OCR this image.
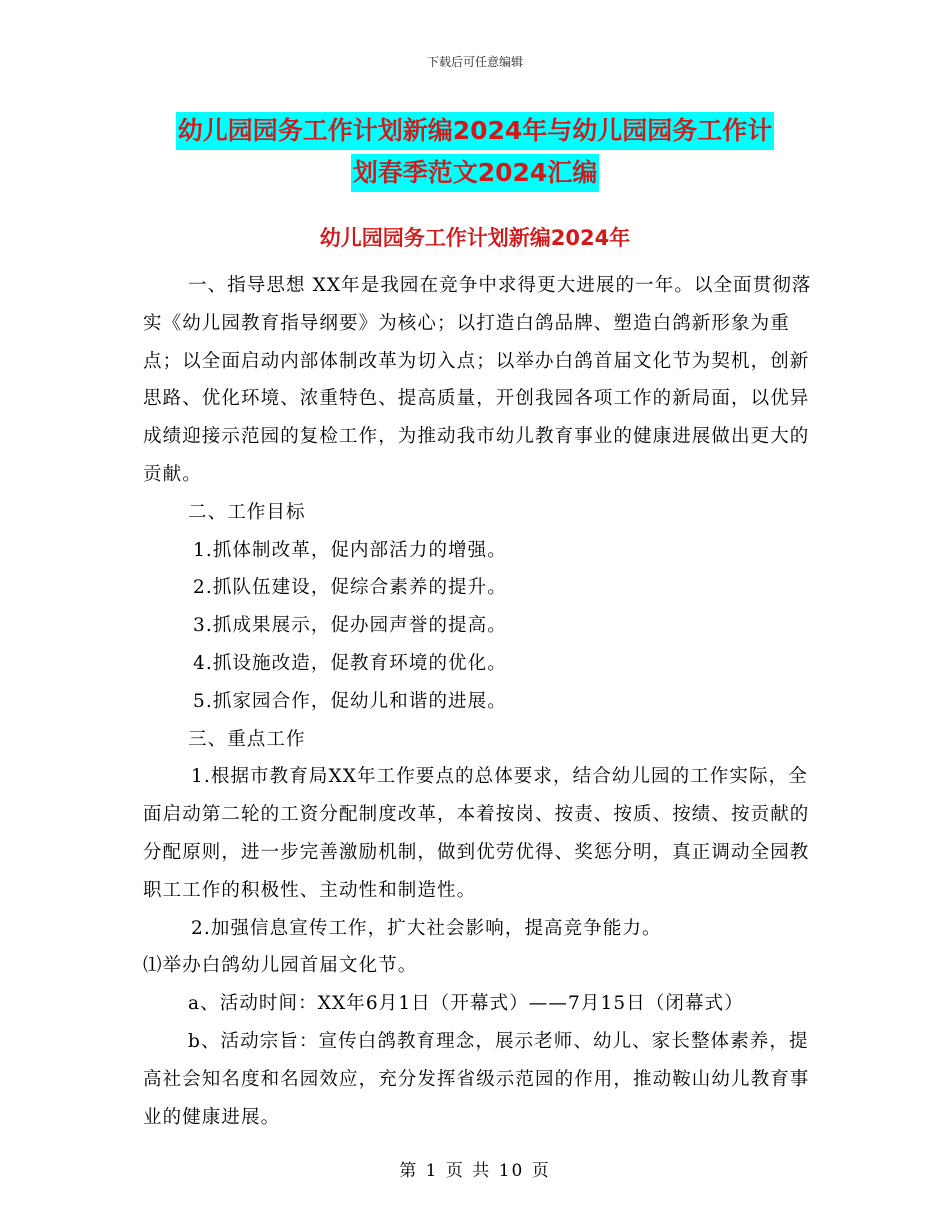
下载后可任意编辑
幼儿园园务工作计划新编2024年与幼儿园园务工作计
划春季范文2024汇编
幼儿园园务工作计划新编2024年

一、指导思想 XX年是我园在竞争中求得更大进展的一年。以全面贯彻落实《幼儿园教育指导纲要》为核心；以打造白鸽品牌、塑造白鸽新形象为重点；以全面启动内部体制改革为切入点；以举办白鸽首届文化节为契机，创新思路、优化环境、浓重特色、提高质量，开创我园各项工作的新局面，以优异成绩迎接示范园的复检工作，为推动我市幼儿教育事业的健康进展做出更大的贡献。

二、工作目标

1.抓体制改革，促内部活力的增强。

2.抓队伍建设，促综合素养的提升。

3.抓成果展示，促办园声誉的提高。

4.抓设施改造，促教育环境的优化。

5.抓家园合作，促幼儿和谐的进展。

三、重点工作

1.根据市教育局XX年工作要点的总体要求，结合幼儿园的工作实际，全面启动第二轮的工资分配制度改革，本着按岗、按责、按质、按绩、按贡献的分配原则，进一步完善激励机制，做到优劳优得、奖惩分明，真正调动全园教职工工作的积极性、主动性和制造性。

2.加强信息宣传工作，扩大社会影响，提高竞争能力。

⑴举办白鸽幼儿园首届文化节。

a、活动时间：XX年6月1日（开幕式）——7月15日（闭幕式）

b、活动宗旨：宣传白鸽教育理念，展示老师、幼儿、家长整体素养，提高社会知名度和名园效应，充分发挥省级示范园的作用，推动鞍山幼儿教育事业的健康进展。

第 1 页 共 10 页
